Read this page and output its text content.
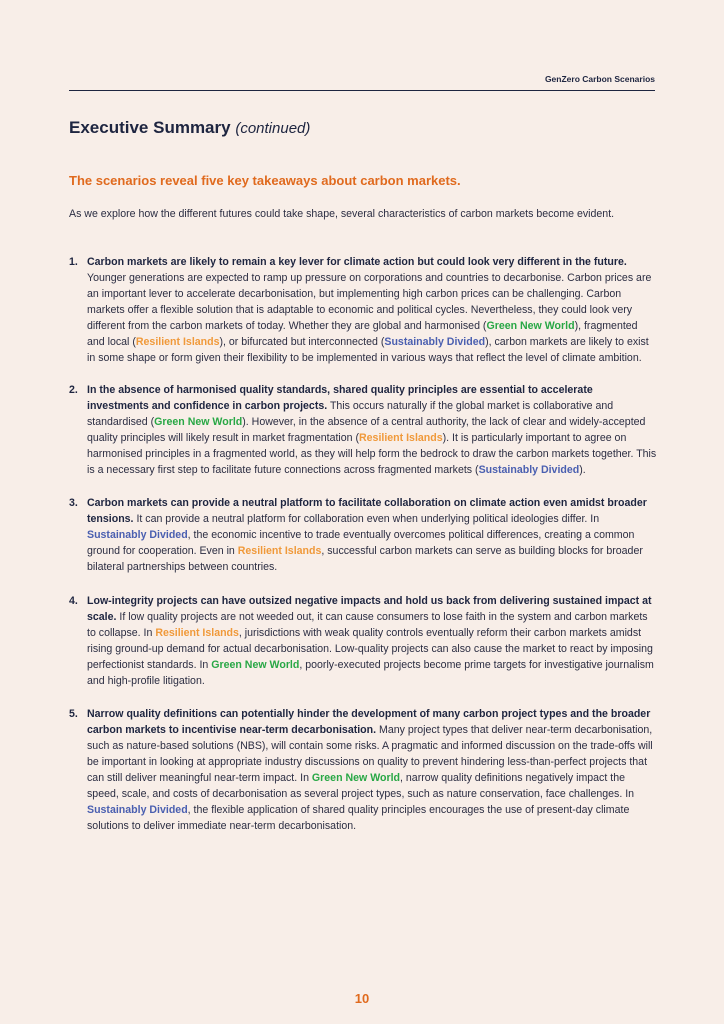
GenZero Carbon Scenarios
Executive Summary (continued)
The scenarios reveal five key takeaways about carbon markets.

As we explore how the different futures could take shape, several characteristics of carbon markets become evident.

1. Carbon markets are likely to remain a key lever for climate action but could look very different in the future. Younger generations are expected to ramp up pressure on corporations and countries to decarbonise. Carbon prices are an important lever to accelerate decarbonisation, but implementing high carbon prices can be challenging. Carbon markets offer a flexible solution that is adaptable to economic and political cycles. Nevertheless, they could look very different from the carbon markets of today. Whether they are global and harmonised (Green New World), fragmented and local (Resilient Islands), or bifurcated but interconnected (Sustainably Divided), carbon markets are likely to exist in some shape or form given their flexibility to be implemented in various ways that reflect the level of climate ambition.
2. In the absence of harmonised quality standards, shared quality principles are essential to accelerate investments and confidence in carbon projects. This occurs naturally if the global market is collaborative and standardised (Green New World). However, in the absence of a central authority, the lack of clear and widely-accepted quality principles will likely result in market fragmentation (Resilient Islands). It is particularly important to agree on harmonised principles in a fragmented world, as they will help form the bedrock to draw the carbon markets together. This is a necessary first step to facilitate future connections across fragmented markets (Sustainably Divided).
3. Carbon markets can provide a neutral platform to facilitate collaboration on climate action even amidst broader tensions. It can provide a neutral platform for collaboration even when underlying political ideologies differ. In Sustainably Divided, the economic incentive to trade eventually overcomes political differences, creating a common ground for cooperation. Even in Resilient Islands, successful carbon markets can serve as building blocks for broader bilateral partnerships between countries.
4. Low-integrity projects can have outsized negative impacts and hold us back from delivering sustained impact at scale. If low quality projects are not weeded out, it can cause consumers to lose faith in the system and carbon markets to collapse. In Resilient Islands, jurisdictions with weak quality controls eventually reform their carbon markets amidst rising ground-up demand for actual decarbonisation. Low-quality projects can also cause the market to react by imposing perfectionist standards. In Green New World, poorly-executed projects become prime targets for investigative journalism and high-profile litigation.
5. Narrow quality definitions can potentially hinder the development of many carbon project types and the broader carbon markets to incentivise near-term decarbonisation. Many project types that deliver near-term decarbonisation, such as nature-based solutions (NBS), will contain some risks. A pragmatic and informed discussion on the trade-offs will be important in looking at appropriate industry discussions on quality to prevent hindering less-than-perfect projects that can still deliver meaningful near-term impact. In Green New World, narrow quality definitions negatively impact the speed, scale, and costs of decarbonisation as several project types, such as nature conservation, face challenges. In Sustainably Divided, the flexible application of shared quality principles encourages the use of present-day climate solutions to deliver immediate near-term decarbonisation.
10
